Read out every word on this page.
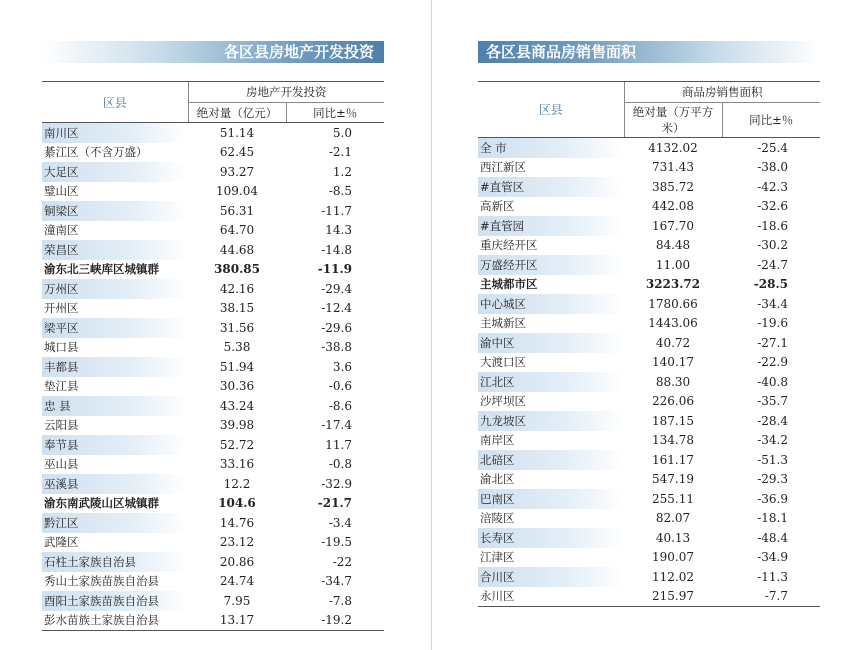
各区县房地产开发投资
区县	房地产开发投资	
	绝对量（亿元）	同比±％
南川区	51.14	5.0
綦江区（不含万盛）	62.45	-2.1
大足区	93.27	1.2
璧山区	109.04	-8.5
铜梁区	56.31	-11.7
潼南区	64.70	14.3
荣昌区	44.68	-14.8
渝东北三峡库区城镇群	380.85	-11.9
万州区	42.16	-29.4
开州区	38.15	-12.4
梁平区	31.56	-29.6
城口县	5.38	-38.8
丰都县	51.94	3.6
垫江县	30.36	-0.6
忠 县	43.24	-8.6
云阳县	39.98	-17.4
奉节县	52.72	11.7
巫山县	33.16	-0.8
巫溪县	12.2	-32.9
渝东南武陵山区城镇群	104.6	-21.7
黔江区	14.76	-3.4
武隆区	23.12	-19.5
石柱土家族自治县	20.86	-22
秀山土家族苗族自治县	24.74	-34.7
酉阳土家族苗族自治县	7.95	-7.8
彭水苗族土家族自治县	13.17	-19.2
各区县商品房销售面积
区县	商品房销售面积	
	绝对量（万平方米）	同比±％
全 市	4132.02	-25.4
西江新区	731.43	-38.0
#直管区	385.72	-42.3
高新区	442.08	-32.6
#直管园	167.70	-18.6
重庆经开区	84.48	-30.2
万盛经开区	11.00	-24.7
主城都市区	3223.72	-28.5
中心城区	1780.66	-34.4
主城新区	1443.06	-19.6
渝中区	40.72	-27.1
大渡口区	140.17	-22.9
江北区	88.30	-40.8
沙坪坝区	226.06	-35.7
九龙坡区	187.15	-28.4
南岸区	134.78	-34.2
北碚区	161.17	-51.3
渝北区	547.19	-29.3
巴南区	255.11	-36.9
涪陵区	82.07	-18.1
长寿区	40.13	-48.4
江津区	190.07	-34.9
合川区	112.02	-11.3
永川区	215.97	-7.7
